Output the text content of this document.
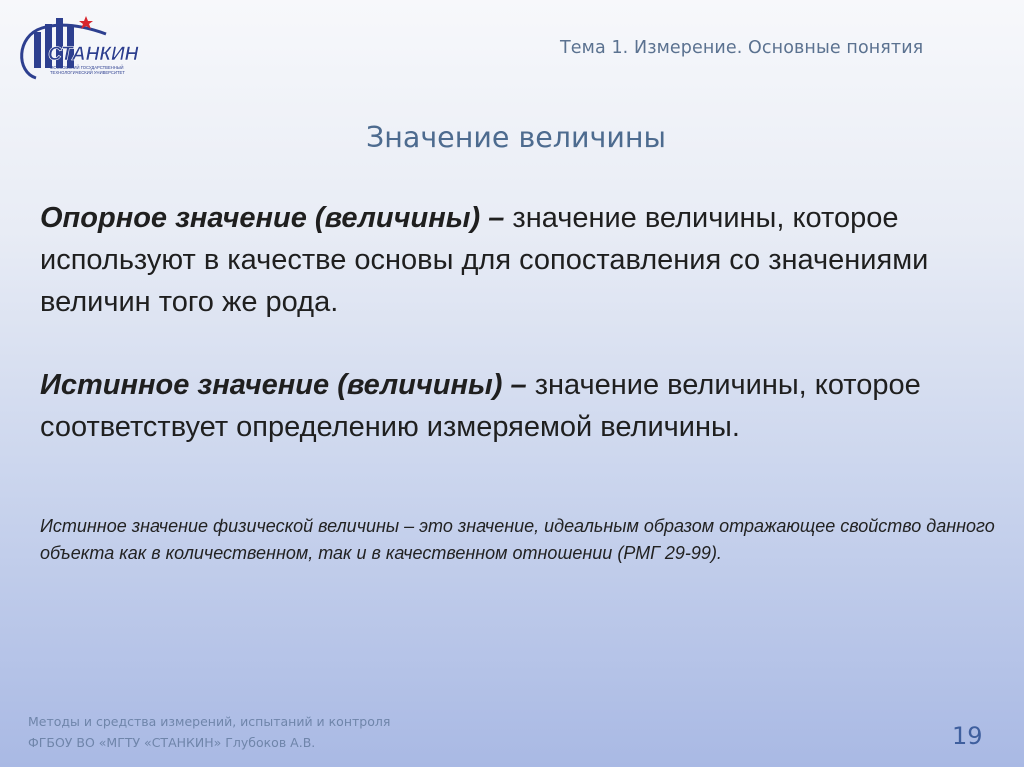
СТАНКИН
МОСКОВСКИЙ ГОСУДАРСТВЕННЫЙ
ТЕХНОЛОГИЧЕСКИЙ УНИВЕРСИТЕТ
Тема 1. Измерение. Основные понятия
Значение величины
Опорное значение (величины) – значение величины, которое используют в качестве основы для сопоставления со значениями величин того же рода.
Истинное значение (величины) – значение величины, которое соответствует определению измеряемой величины.
Истинное значение физической величины – это значение, идеальным образом отражающее свойство данного объекта как в количественном, так и в качественном отношении (РМГ 29-99).
Методы и средства измерений, испытаний и контроля
ФГБОУ ВО «МГТУ «СТАНКИН» Глубоков А.В.	19
